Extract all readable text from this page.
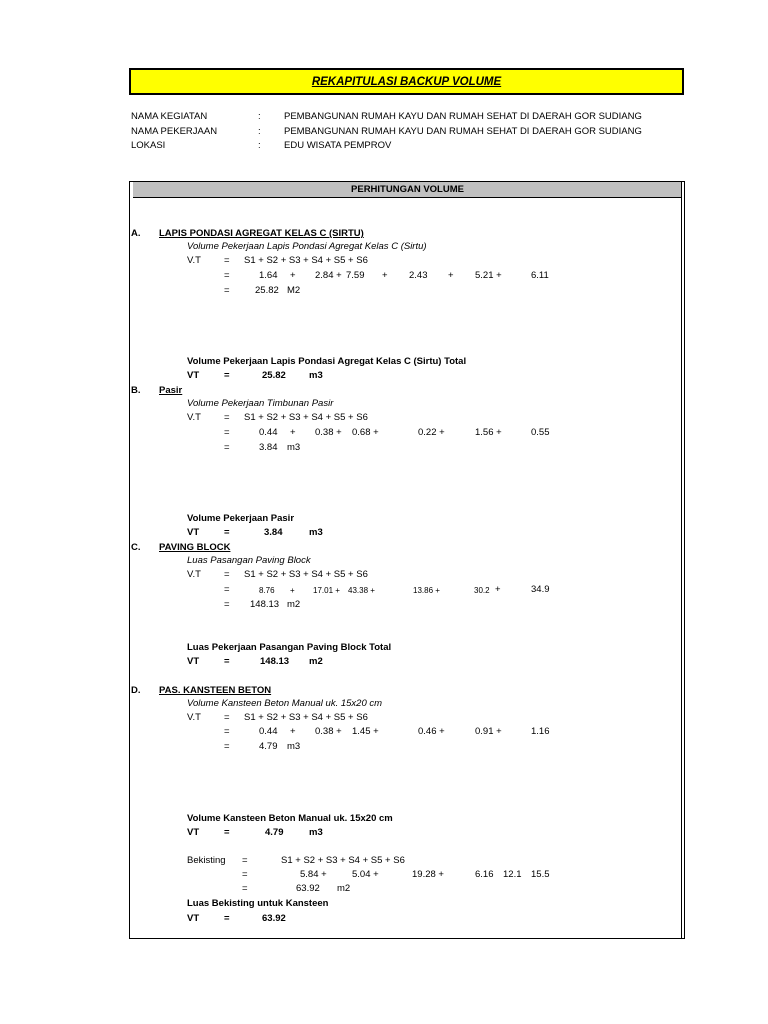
REKAPITULASI BACKUP VOLUME
NAMA KEGIATAN	: PEMBANGUNAN RUMAH KAYU DAN RUMAH SEHAT DI DAERAH GOR SUDIANG
NAMA PEKERJAAN	: PEMBANGUNAN RUMAH KAYU DAN RUMAH SEHAT DI DAERAH GOR SUDIANG
LOKASI	: EDU WISATA PEMPROV
PERHITUNGAN VOLUME
A. LAPIS PONDASI AGREGAT KELAS C (SIRTU)
Volume Pekerjaan Lapis Pondasi Agregat Kelas C (Sirtu)
V.T = S1 + S2 + S3 + S4 + S5 + S6
=	1.64 + 2.84 + 7.59 + 2.43 + 5.21 +	6.11
=	25.82 M2
Volume Pekerjaan Lapis Pondasi Agregat Kelas C (Sirtu) Total
VT	=	25.82 m3
B. Pasir
Volume Pekerjaan Timbunan Pasir
V.T = S1 + S2 + S3 + S4 + S5 + S6
=	0.44 + 0.38 + 0.68 +	0.22 +	1.56 +	0.55
=	3.84 m3
Volume Pekerjaan Pasir
VT	=	3.84	m3
C. PAVING BLOCK
Luas Pasangan Paving Block
V.T = S1 + S2 + S3 + S4 + S5 + S6
=	8.76 + 17.01 + 43.38 +	13.86 +	30.2 +	34.9
= 148.13 m2
Luas Pekerjaan Pasangan Paving Block Total
VT	=	148.13 m2
D. PAS. KANSTEEN BETON
Volume Kansteen Beton Manual uk. 15x20 cm
V.T = S1 + S2 + S3 + S4 + S5 + S6
=	0.44 + 0.38 + 1.45 +	0.46 +	0.91 +	1.16
=	4.79 m3
Volume Kansteen Beton Manual uk. 15x20 cm
VT	=	4.79	m3
Bekisting =	S1 + S2 + S3 + S4 + S5 + S6
=	5.84 +	5.04 +	19.28 +	6.16 12.1 15.5
=	63.92 m2
Luas Bekisting untuk Kansteen
VT	=	63.92
